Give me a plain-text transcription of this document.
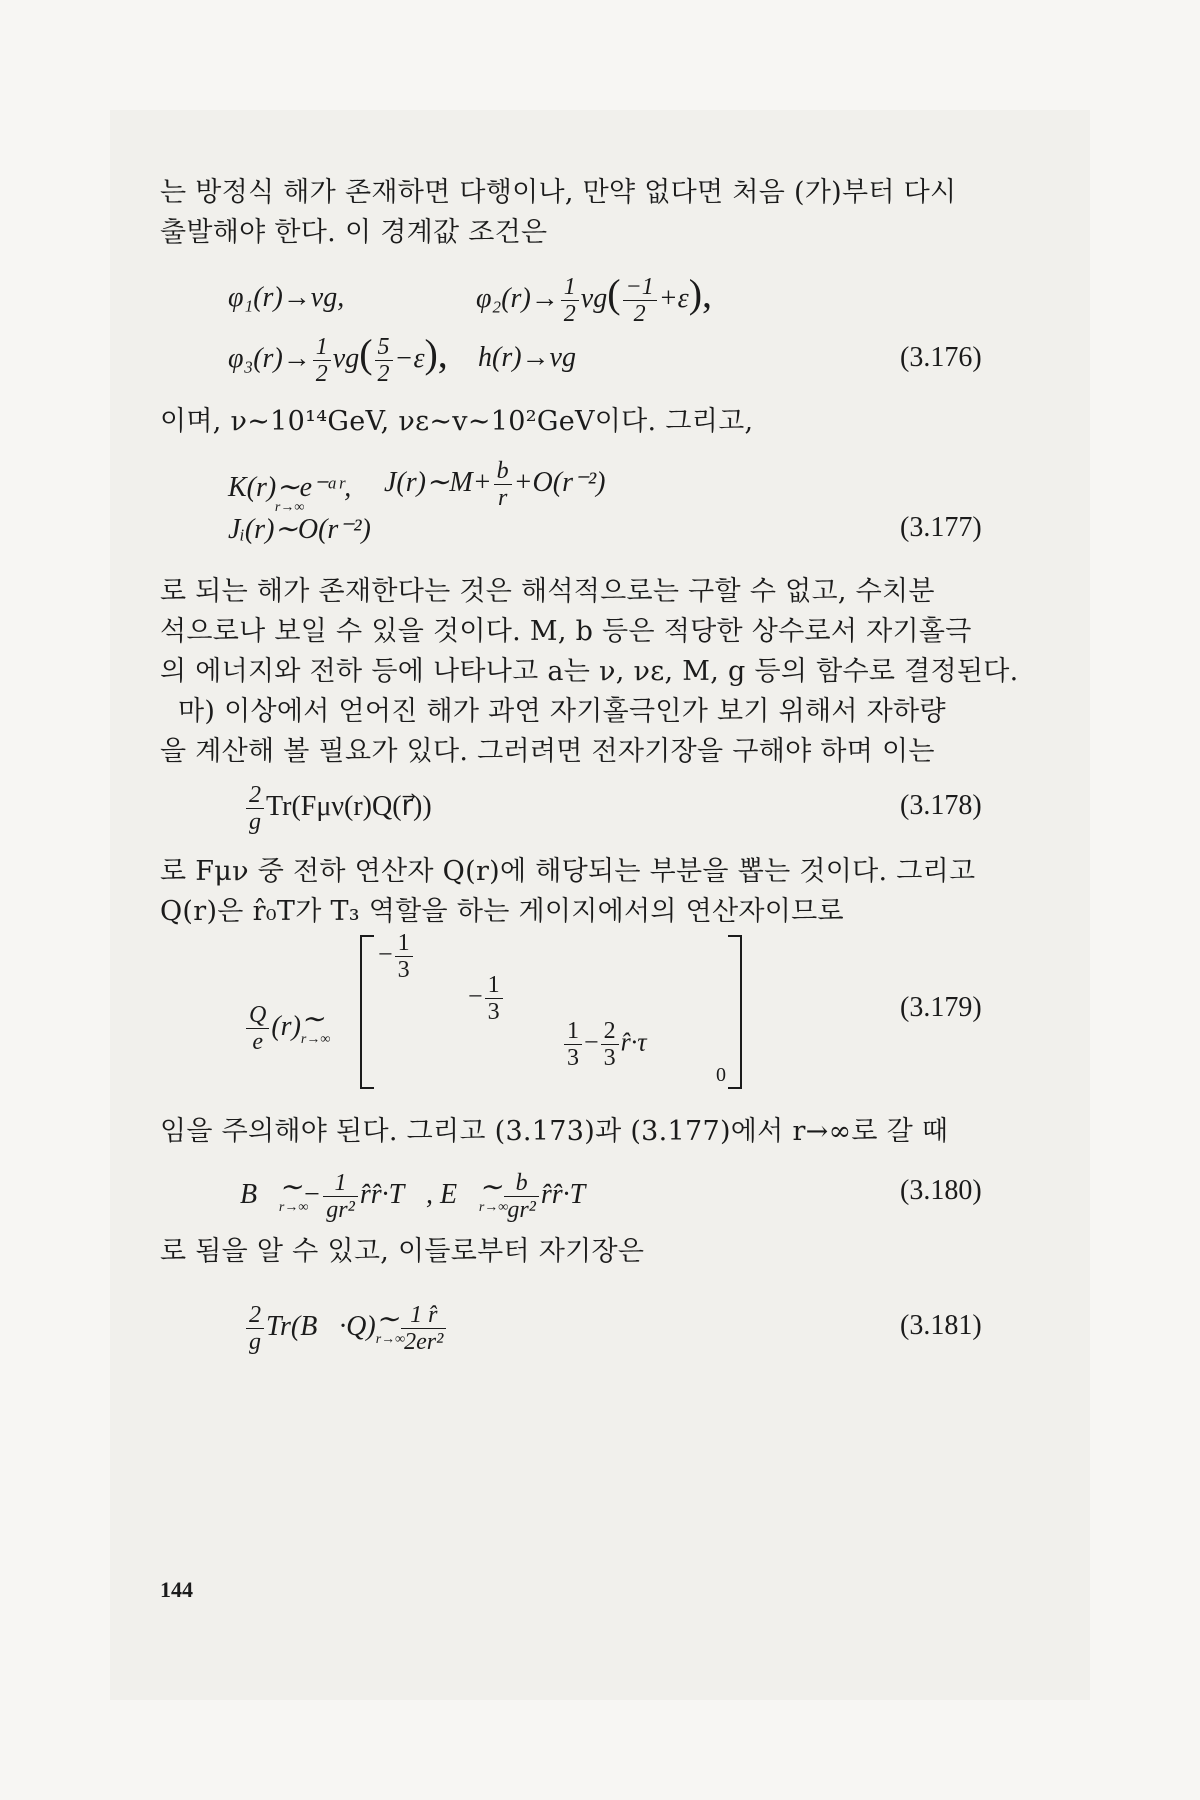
는 방정식 해가 존재하면 다행이나, 만약 없다면 처음 (가)부터 다시
출발해야 한다. 이 경계값 조건은
φ₁(r)→νg,	$\varphi_2(r)\to \frac{1}{2} \nu g( \frac{-1}{2} +\varepsilon)$,
$\varphi_3(r)\to \frac{1}{2} \nu g( \frac{5}{2} -\varepsilon)$, h(r)→vg	(3.176)
이며, ν∼10¹⁴GeV, νε∼v∼10²GeV이다. 그리고,
K(r)∼e⁻ᵃʳ,
r→∞
J(r)∼M+ $\frac{b}{r} +O(r^{-2})$
Jᵢ(r)∼O(r⁻²)	(3.177)
로 되는 해가 존재한다는 것은 해석적으로는 구할 수 없고, 수치분
석으로나 보일 수 있을 것이다. M, b 등은 적당한 상수로서 자기홀극
의 에너지와 전하 등에 나타나고 a는 ν, νε, M, g 등의 함수로 결정된다.
마) 이상에서 얻어진 해가 과연 자기홀극인가 보기 위해서 자하량
을 계산해 볼 필요가 있다. 그러려면 전자기장을 구해야 하며 이는
$\frac{2}{g}$ Tr(Fμν(r)Q(r⃗))	(3.178)
로 Fμν 중 전하 연산자 Q(r)에 해당되는 부분을 뽑는 것이다. 그리고
Q(r)은 r̂₀T가 T₃ 역할을 하는 게이지에서의 연산자이므로
$\frac{Q}{e}$ (r)∼
r→∞
− $\frac{1}{3}$
− $\frac{1}{3}$
$\frac{1}{3} - \frac{2}{3}$ r̂·τ⃗
0
(3.179)
임을 주의해야 된다. 그리고 (3.173)과 (3.177)에서 r→∞로 갈 때
B⃗∼
r→∞
− $\frac{1}{\text{gr²}}$ r̂r̂·T⃗, E⃗∼
r→∞
$\frac{b}{\text{gr²}}$ r̂r̂·T⃗	(3.180)
로 됨을 알 수 있고, 이들로부터 자기장은
$\frac{2}{g}$ Tr(B⃗·Q)∼
r→∞
$\frac{1 r̂}{\text{2er²}}$	(3.181)
144
